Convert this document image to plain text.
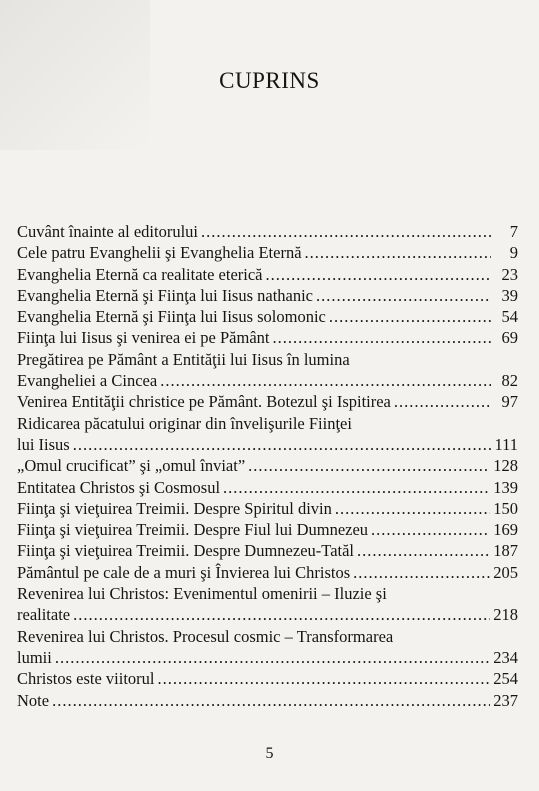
CUPRINS
Cuvânt înainte al editorului .....	7
Cele patru Evanghelii şi Evanghelia Eternă .....	9
Evanghelia Eternă ca realitate eterică .....	23
Evanghelia Eternă şi Fiinţa lui Iisus nathanic .....	39
Evanghelia Eternă şi Fiinţa lui Iisus solomonic .....	54
Fiinţa lui Iisus şi venirea ei pe Pământ .....	69
Pregătirea pe Pământ a Entităţii lui Iisus în lumina
Evangheliei a Cincea .....	82
Venirea Entităţii christice pe Pământ. Botezul şi Ispitirea .....	97
Ridicarea păcatului originar din învelişurile Fiinţei
lui Iisus .....	111
„Omul crucificat” şi „omul înviat” .....	128
Entitatea Christos şi Cosmosul .....	139
Fiinţa şi vieţuirea Treimii. Despre Spiritul divin .....	150
Fiinţa şi vieţuirea Treimii. Despre Fiul lui Dumnezeu .....	169
Fiinţa şi vieţuirea Treimii. Despre Dumnezeu-Tatăl .....	187
Pământul pe cale de a muri şi Învierea lui Christos .....	205
Revenirea lui Christos: Evenimentul omenirii – Iluzie şi
realitate .....	218
Revenirea lui Christos. Procesul cosmic – Transformarea
lumii .....	234
Christos este viitorul .....	254
Note .....	237
5
